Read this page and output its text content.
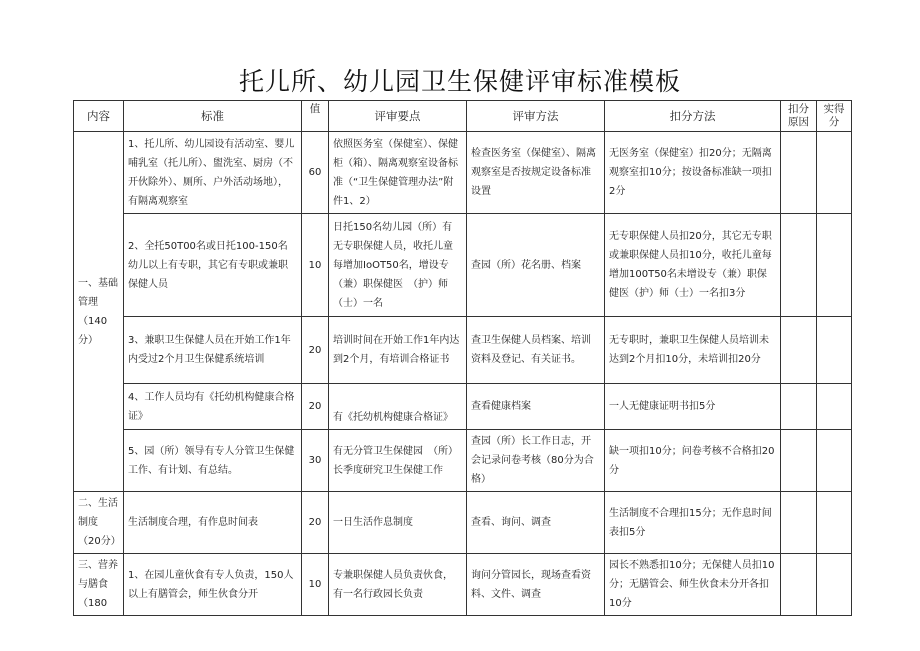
托儿所、幼儿园卫生保健评审标准模板
内容	标准	值	评审要点	评审方法	扣分方法	扣分原因	实得分
一、基础管理（140分）	1、托儿所、幼儿园设有活动室、婴儿哺乳室（托儿所）、盥洗室、厨房（不开伙除外）、厕所、户外活动场地），有隔离观察室	60	依照医务室（保健室）、保健柜（箱）、隔离观察室设备标准（“卫生保健管理办法”附件1、2）	检查医务室（保健室）、隔离观察室是否按规定设备标准设置	无医务室（保健室）扣20分；无隔离观察室扣10分；按设备标准缺一项扣2分		
	2、全托50T00名或日托100-150名幼儿以上有专职，其它有专职或兼职保健人员	10	日托150名幼儿园（所）有无专职保健人员，收托儿童每增加IoOT50名，增设专（兼）职保健医　（护）师（士）一名	查园（所）花名册、档案	无专职保健人员扣20分，其它无专职或兼职保健人员扣10分，收托儿童每增加100T50名未增设专（兼）职保健医（护）师（士）一名扣3分		
	3、兼职卫生保健人员在开始工作1年内受过2个月卫生保健系统培训	20	培训时间在开始工作1年内达到2个月，有培训合格证书	查卫生保健人员档案、培训资料及登记、有关证书。	无专职时，兼职卫生保健人员培训未达到2个月扣10分，未培训扣20分		
	4、工作人员均有《托幼机构健康合格证》	20	有《托幼机构健康合格证》	查看健康档案	一人无健康证明书扣5分		
	5、园（所）领导有专人分管卫生保健工作、有计划、有总结。	30	有无分管卫生保健园　（所）长季度研究卫生保健工作	查园（所）长工作日志，开会记录问卷考核（80分为合格）	缺一项扣10分；问卷考核不合格扣20分		
二、生活制度（20分）	生活制度合理，有作息时间表	20	一日生活作息制度	查看、询问、调查	生活制度不合理扣15分；无作息时间表扣5分		
三、营养与膳食（180	1、在园儿童伙食有专人负责，150人以上有膳管会，师生伙食分开	10	专兼职保健人员负责伙食，有一名行政园长负责	询问分管园长，现场查看资料、文件、调查	园长不熟悉扣10分；无保健人员扣10分；无膳管会、师生伙食未分开各扣10分		
